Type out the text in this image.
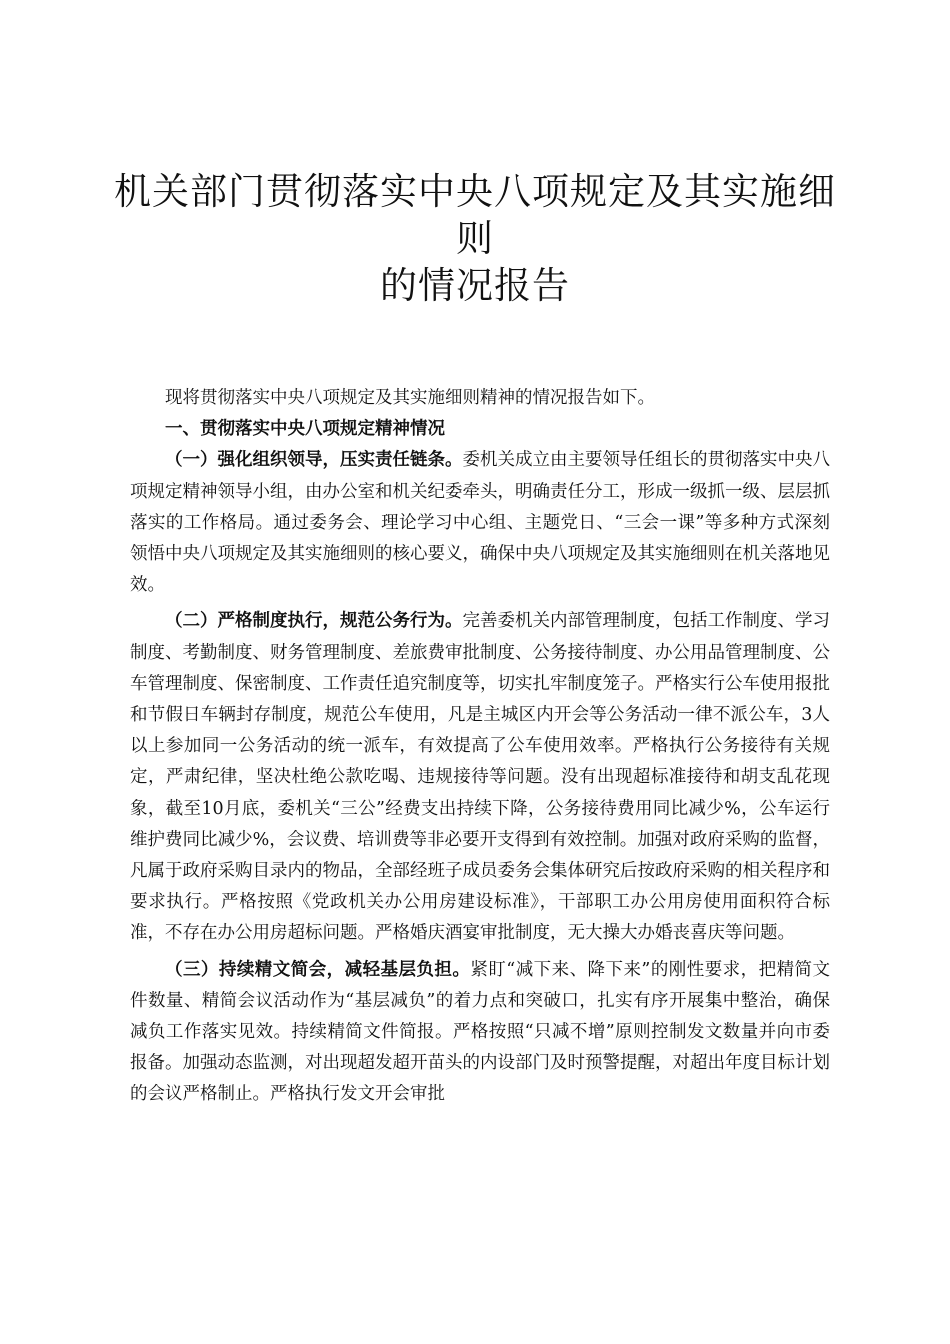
机关部门贯彻落实中央八项规定及其实施细则
的情况报告

现将贯彻落实中央八项规定及其实施细则精神的情况报告如下。

一、贯彻落实中央八项规定精神情况

（一）强化组织领导，压实责任链条。委机关成立由主要领导任组长的贯彻落实中央八项规定精神领导小组，由办公室和机关纪委牵头，明确责任分工，形成一级抓一级、层层抓落实的工作格局。通过委务会、理论学习中心组、主题党日、“三会一课”等多种方式深刻领悟中央八项规定及其实施细则的核心要义，确保中央八项规定及其实施细则在机关落地见效。

（二）严格制度执行，规范公务行为。完善委机关内部管理制度，包括工作制度、学习制度、考勤制度、财务管理制度、差旅费审批制度、公务接待制度、办公用品管理制度、公车管理制度、保密制度、工作责任追究制度等，切实扎牢制度笼子。严格实行公车使用报批和节假日车辆封存制度，规范公车使用，凡是主城区内开会等公务活动一律不派公车，3人以上参加同一公务活动的统一派车，有效提高了公车使用效率。严格执行公务接待有关规定，严肃纪律，坚决杜绝公款吃喝、违规接待等问题。没有出现超标准接待和胡支乱花现象，截至10月底，委机关“三公”经费支出持续下降，公务接待费用同比减少%，公车运行维护费同比减少%，会议费、培训费等非必要开支得到有效控制。加强对政府采购的监督，凡属于政府采购目录内的物品，全部经班子成员委务会集体研究后按政府采购的相关程序和要求执行。严格按照《党政机关办公用房建设标准》，干部职工办公用房使用面积符合标准，不存在办公用房超标问题。严格婚庆酒宴审批制度，无大操大办婚丧喜庆等问题。

（三）持续精文简会，减轻基层负担。紧盯“减下来、降下来”的刚性要求，把精简文件数量、精简会议活动作为“基层减负”的着力点和突破口，扎实有序开展集中整治，确保减负工作落实见效。持续精简文件简报。严格按照“只减不增”原则控制发文数量并向市委报备。加强动态监测，对出现超发超开苗头的内设部门及时预警提醒，对超出年度目标计划的会议严格制止。严格执行发文开会审批
